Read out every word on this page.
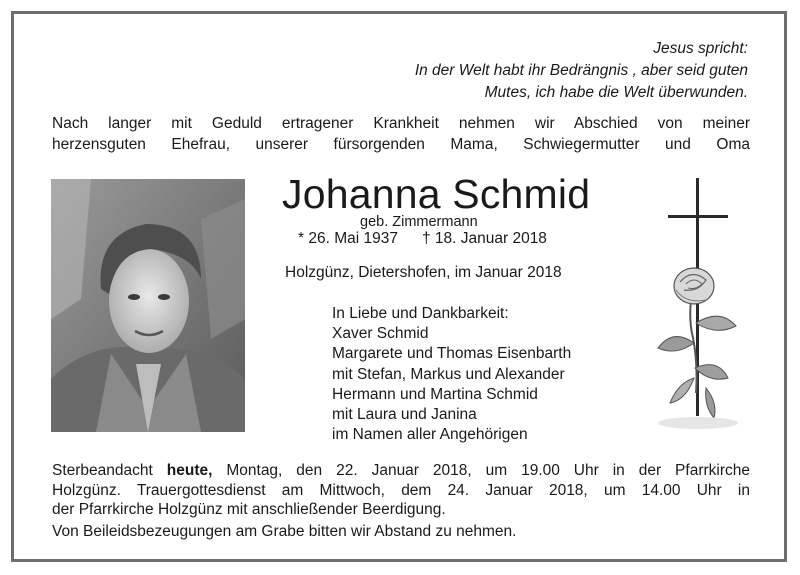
Jesus spricht:
In der Welt habt ihr Bedrängnis , aber seid guten
Mutes, ich habe die Welt überwunden.
Nach langer mit Geduld ertragener Krankheit nehmen wir Abschied von meiner
herzensguten Ehefrau, unserer fürsorgenden Mama, Schwiegermutter und Oma
Johanna Schmid
geb. Zimmermann
* 26. Mai 1937 † 18. Januar 2018
Holzgünz, Dietershofen, im Januar 2018
In Liebe und Dankbarkeit:
Xaver Schmid
Margarete und Thomas Eisenbarth
mit Stefan, Markus und Alexander
Hermann und Martina Schmid
mit Laura und Janina
im Namen aller Angehörigen
Sterbeandacht heute, Montag, den 22. Januar 2018, um 19.00 Uhr in der Pfarrkirche
Holzgünz. Trauergottesdienst am Mittwoch, dem 24. Januar 2018, um 14.00 Uhr in
der Pfarrkirche Holzgünz mit anschließender Beerdigung.
Von Beileidsbezeugungen am Grabe bitten wir Abstand zu nehmen.
